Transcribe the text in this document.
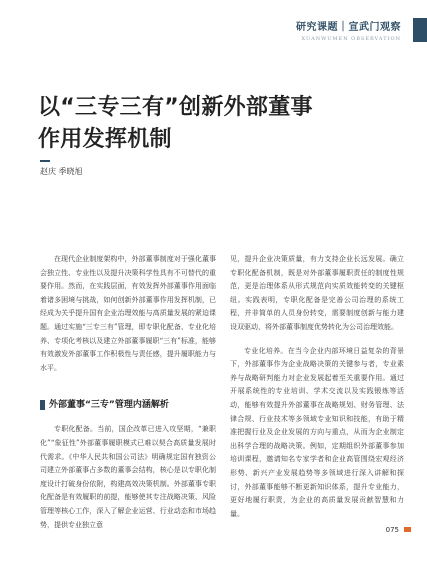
研究课题｜宣武门观察
XUANWUMEN OBSERVATION
以“三专三有”创新外部董事
作用发挥机制
赵庆 季晓旭

在现代企业制度架构中，外部董事制度对于强化董事会独立性、专业性以及提升决策科学性具有不可替代的重要作用。然而，在实践层面，有效发挥外部董事作用面临着诸多困境与挑战，如何创新外部董事作用发挥机制，已经成为关乎提升国有企业治理效能与高质量发展的紧迫课题。通过实施“三专三有”管理，即专职化配备、专业化培养、专项化考核以及建立外部董事履职“三有”标准，能够有效激发外部董事工作积极性与责任感，提升履职能力与水平。

外部董事“三专”管理内涵解析

专职化配备。当前，国企改革已进入攻坚期，“兼职化”“象征性”外部董事履职模式已难以契合高质量发展时代需求。《中华人民共和国公司法》明确规定国有独资公司建立外部董事占多数的董事会结构，核心是以专职化制度设计打破身份依附，构建高效决策机制。外部董事专职化配备是有效履职的前提，能够使其专注战略决策、风险管理等核心工作，深入了解企业运营、行业动态和市场趋势，提供专业独立意

见，提升企业决策质量，有力支持企业长远发展。确立专职化配备机制，既是对外部董事履职责任的制度性规范，更是治理体系从形式规范向实质效能转变的关键枢纽。实践表明，专职化配备是完善公司治理的系统工程，并非简单的人员身份转变，需要制度创新与能力建设双驱动，将外部董事制度优势转化为公司治理效能。

专业化培养。在当今企业内部环境日益复杂的背景下，外部董事作为企业战略决策的关键参与者，专业素养与战略研判能力对企业发展起着至关重要作用。通过开展系统性的专业培训、学术交流以及实践锻炼等活动，能够有效提升外部董事在战略规划、财务管理、法律合规、行业技术等多领域专业知识和技能，有助于精准把握行业及企业发展的方向与重点，从而为企业制定出科学合理的战略决策。例如，定期组织外部董事参加培训课程，邀请知名专家学者和企业高管围绕宏观经济形势、新兴产业发展趋势等多领域进行深入讲解和探讨，外部董事能够不断更新知识体系，提升专业能力，更好地履行职责，为企业的高质量发展贡献智慧和力量。

075
